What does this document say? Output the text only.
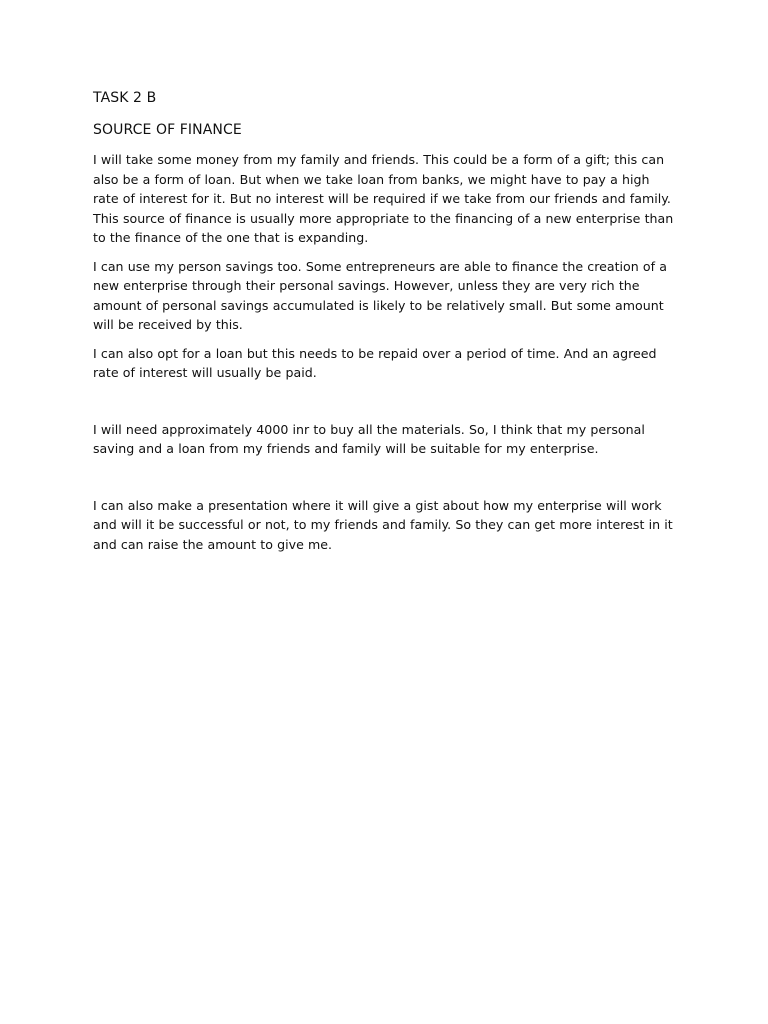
TASK 2 B
SOURCE OF FINANCE

I will take some money from my family and friends. This could be a form of a gift; this can also be a form of loan. But when we take loan from banks, we might have to pay a high rate of interest for it. But no interest will be required if we take from our friends and family. This source of finance is usually more appropriate to the financing of a new enterprise than to the finance of the one that is expanding.

I can use my person savings too. Some entrepreneurs are able to finance the creation of a new enterprise through their personal savings. However, unless they are very rich the amount of personal savings accumulated is likely to be relatively small. But some amount will be received by this.

I can also opt for a loan but this needs to be repaid over a period of time. And an agreed rate of interest will usually be paid.

I will need approximately 4000 inr to buy all the materials. So, I think that my personal saving and a loan from my friends and family will be suitable for my enterprise.

I can also make a presentation where it will give a gist about how my enterprise will work and will it be successful or not, to my friends and family. So they can get more interest in it and can raise the amount to give me.
